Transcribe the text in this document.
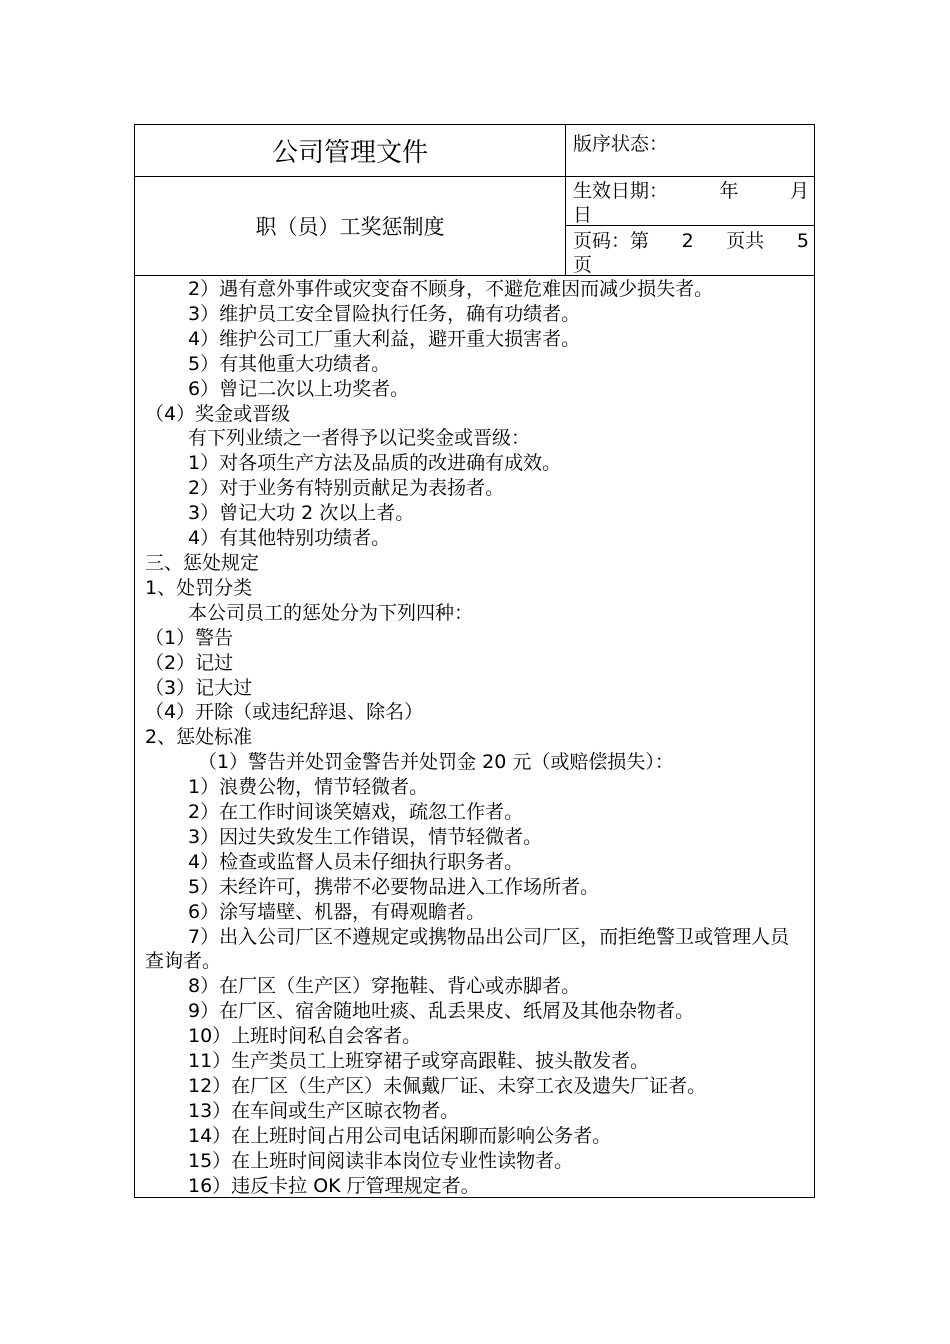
公司管理文件
职（员）工奖惩制度
版序状态：
生效日期：	年	月
日
页码：第 2 页共 5
页
2）遇有意外事件或灾变奋不顾身，不避危难因而减少损失者。
3）维护员工安全冒险执行任务，确有功绩者。
4）维护公司工厂重大利益，避开重大损害者。
5）有其他重大功绩者。
6）曾记二次以上功奖者。
（4）奖金或晋级
有下列业绩之一者得予以记奖金或晋级：
1）对各项生产方法及品质的改进确有成效。
2）对于业务有特别贡献足为表扬者。
3）曾记大功 2 次以上者。
4）有其他特别功绩者。
三、惩处规定
1、处罚分类
本公司员工的惩处分为下列四种：
（1）警告
（2）记过
（3）记大过
（4）开除（或违纪辞退、除名）
2、惩处标准
（1）警告并处罚金警告并处罚金 20 元（或赔偿损失）：
1）浪费公物，情节轻微者。
2）在工作时间谈笑嬉戏，疏忽工作者。
3）因过失致发生工作错误，情节轻微者。
4）检查或监督人员未仔细执行职务者。
5）未经许可，携带不必要物品进入工作场所者。
6）涂写墙壁、机器，有碍观瞻者。
7）出入公司厂区不遵规定或携物品出公司厂区，而拒绝警卫或管理人员查询者。
8）在厂区（生产区）穿拖鞋、背心或赤脚者。
9）在厂区、宿舍随地吐痰、乱丢果皮、纸屑及其他杂物者。
10）上班时间私自会客者。
11）生产类员工上班穿裙子或穿高跟鞋、披头散发者。
12）在厂区（生产区）未佩戴厂证、未穿工衣及遗失厂证者。
13）在车间或生产区晾衣物者。
14）在上班时间占用公司电话闲聊而影响公务者。
15）在上班时间阅读非本岗位专业性读物者。
16）违反卡拉 OK 厅管理规定者。
